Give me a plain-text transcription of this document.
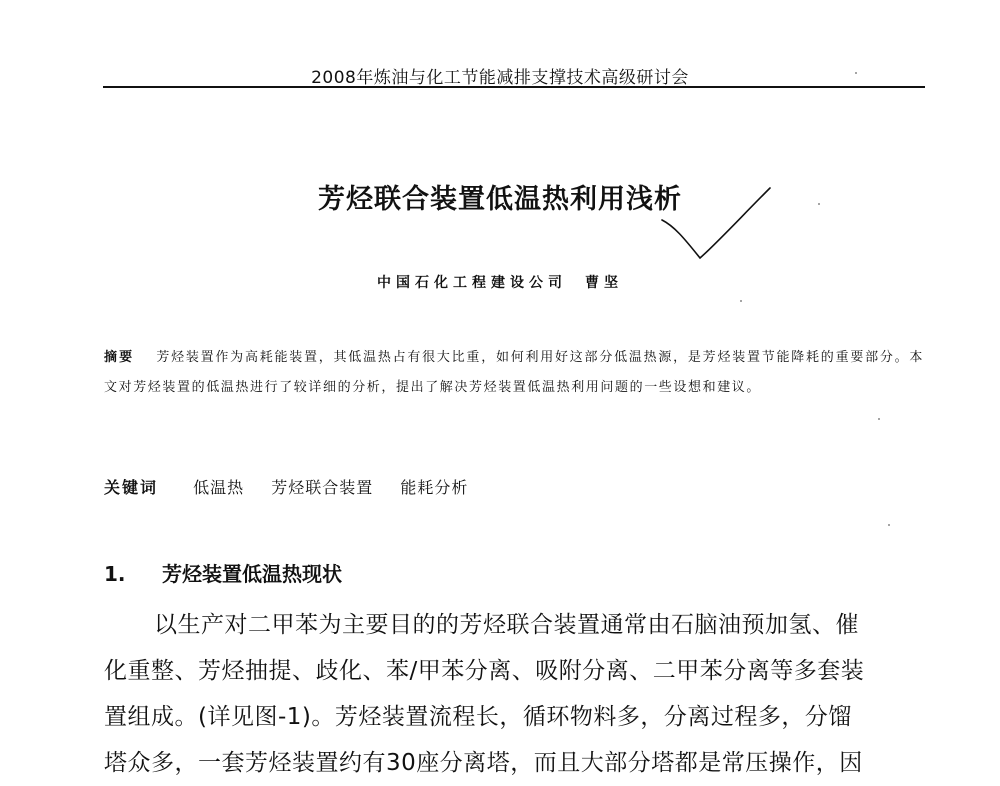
2008年炼油与化工节能减排支撑技术高级研讨会
芳烃联合装置低温热利用浅析
中国石化工程建设公司 曹坚
摘要 芳烃装置作为高耗能装置，其低温热占有很大比重，如何利用好这部分低温热源，是芳烃装置节能降耗的重要部分。本文对芳烃装置的低温热进行了较详细的分析，提出了解决芳烃装置低温热利用问题的一些设想和建议。
关键词 低温热 芳烃联合装置 能耗分析
1. 芳烃装置低温热现状
以生产对二甲苯为主要目的的芳烃联合装置通常由石脑油预加氢、催
化重整、芳烃抽提、歧化、苯/甲苯分离、吸附分离、二甲苯分离等多套装
置组成。(详见图-1)。芳烃装置流程长，循环物料多，分离过程多，分馏
塔众多，一套芳烃装置约有30座分离塔，而且大部分塔都是常压操作，因
